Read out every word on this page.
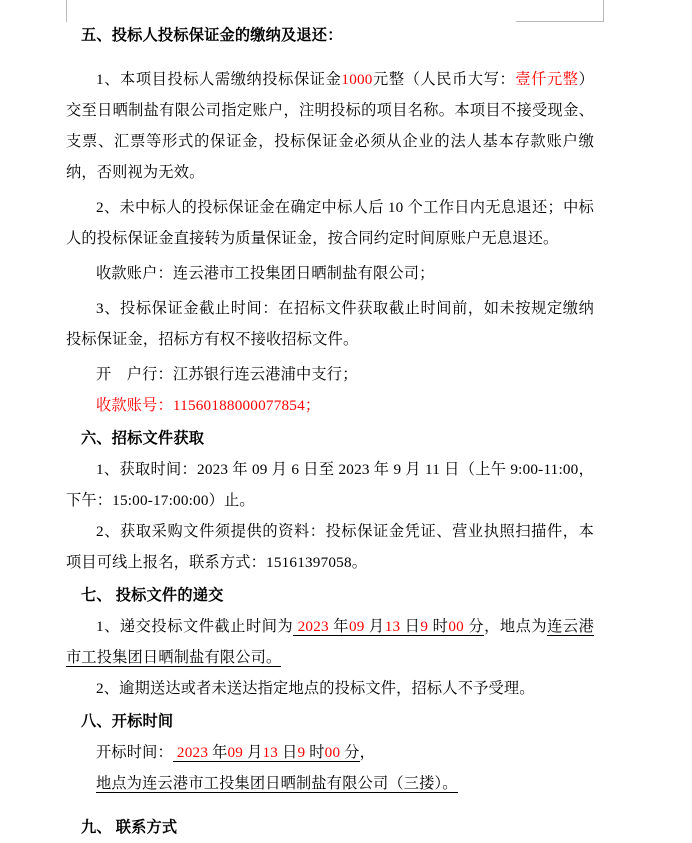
五、投标人投标保证金的缴纳及退还：

1、本项目投标人需缴纳投标保证金1000元整（人民币大写：壹仟元整）交至日晒制盐有限公司指定账户，注明投标的项目名称。本项目不接受现金、支票、汇票等形式的保证金，投标保证金必须从企业的法人基本存款账户缴纳，否则视为无效。

2、未中标人的投标保证金在确定中标人后 10 个工作日内无息退还；中标人的投标保证金直接转为质量保证金，按合同约定时间原账户无息退还。

收款账户：连云港市工投集团日晒制盐有限公司；

3、投标保证金截止时间：在招标文件获取截止时间前，如未按规定缴纳投标保证金，招标方有权不接收招标文件。

开　户行：江苏银行连云港浦中支行；

收款账号：11560188000077854；

六、招标文件获取

1、获取时间：2023 年 09 月 6 日至 2023 年 9 月 11 日（上午 9:00-11:00，下午：15:00-17:00:00）止。

2、获取采购文件须提供的资料：投标保证金凭证、营业执照扫描件，本项目可线上报名，联系方式：15161397058。

七、 投标文件的递交

1、递交投标文件截止时间为 2023 年09 月13 日9 时00 分，地点为连云港市工投集团日晒制盐有限公司。

2、逾期送达或者未送达指定地点的投标文件，招标人不予受理。

八、开标时间

开标时间： 2023 年09 月13 日9 时00 分，

地点为连云港市工投集团日晒制盐有限公司（三搂）。

九、 联系方式
